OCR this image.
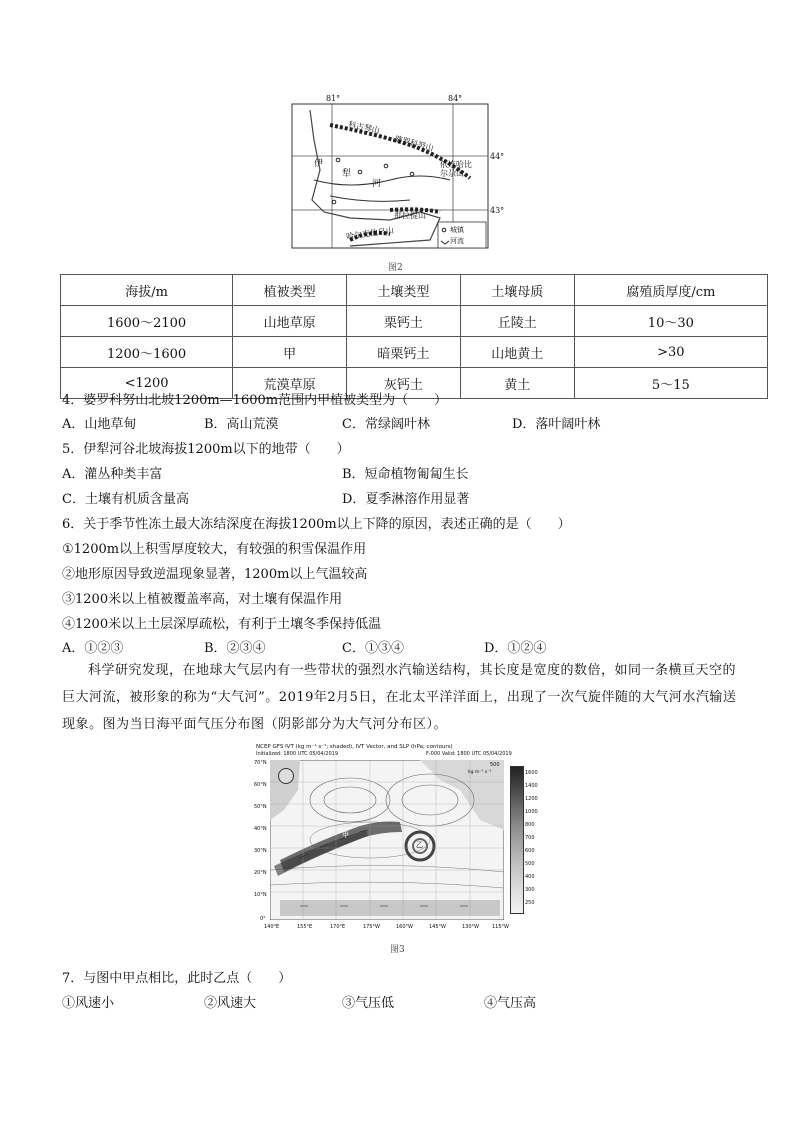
81°	84°
44°
43°
科古琴山
婆罗科努山
依连哈比尔尕山
伊
犁
河
那拉提山
哈尔克他乌山	城镇
河流
图2
海拔/m	植被类型	土壤类型	土壤母质	腐殖质厚度/cm
1600～2100	山地草原	栗钙土	丘陵土	10～30
1200～1600	甲	暗栗钙土	山地黄土	>30
<1200	荒漠草原	灰钙土	黄土	5～15
4．婆罗科努山北坡1200m—1600m范围内甲植被类型为（　　）
A．山地草甸	B．高山荒漠	C．常绿阔叶林	D．落叶阔叶林
5．伊犁河谷北坡海拔1200m以下的地带（　　）
A．灌丛种类丰富	B．短命植物匍匐生长
C．土壤有机质含量高	D．夏季淋溶作用显著
6．关于季节性冻土最大冻结深度在海拔1200m以上下降的原因，表述正确的是（　　）
①1200m以上积雪厚度较大，有较强的积雪保温作用
②地形原因导致逆温现象显著，1200m以上气温较高
③1200米以上植被覆盖率高，对土壤有保温作用
④1200米以上土层深厚疏松，有利于土壤冬季保持低温
A．①②③	B．②③④	C．①③④	D．①②④
科学研究发现，在地球大气层内有一些带状的强烈水汽输送结构，其长度是宽度的数倍，如同一条横亘天空的巨大河流，被形象的称为“大气河”。2019年2月5日，在北太平洋洋面上，出现了一次气旋伴随的大气河水汽输送现象。图为当日海平面气压分布图（阴影部分为大气河分布区）。
NCEP GFS IVT (kg m⁻¹ s⁻¹; shaded), IVT Vector, and SLP (hPa; contours)
Initialized: 1800 UTC 05/04/2019	F-000 Valid: 1800 UTC 05/04/2019
甲
乙
500
kg m⁻¹ s⁻¹
70°N
60°N
50°N
40°N
30°N
20°N
10°N
0°
140°E	155°E	170°E	175°W	160°W	145°W	130°W	115°W
1600
1400
1200
1000
800
700
600
500
400
300
250
图3
7．与图中甲点相比，此时乙点（　　）
①风速小	②风速大	③气压低	④气压高
